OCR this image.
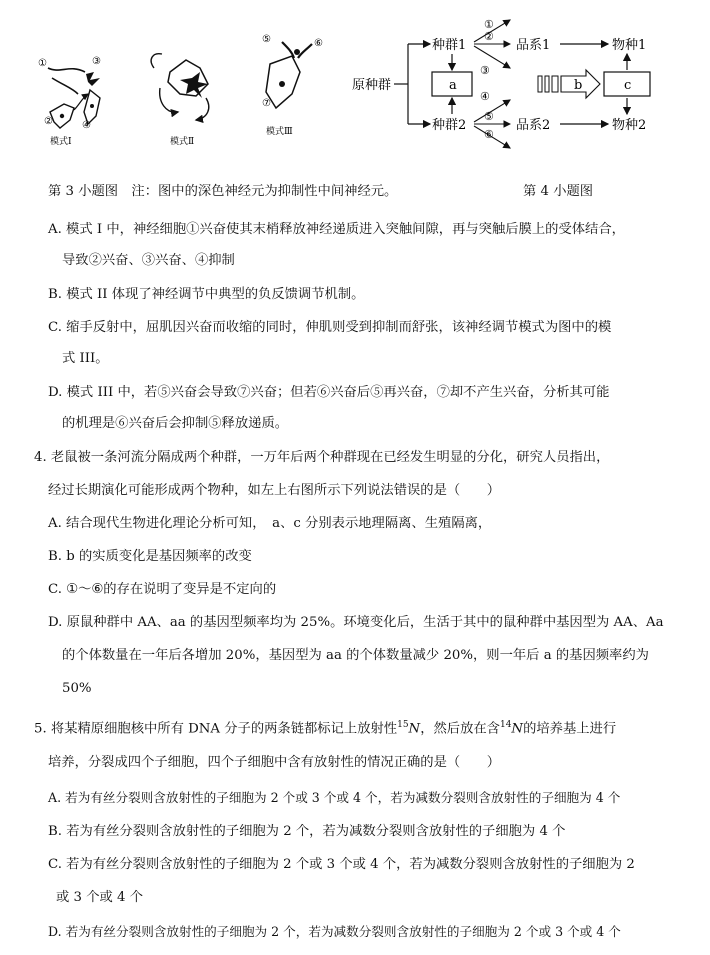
①	③
②	④
模式Ⅰ	模式Ⅱ
⑤	⑥
⑦
模式Ⅲ
原种群
种群1
种群2
a
①
②
③
④
⑤
⑥
品系1
品系2
物种1
物种2
b	c
第 3 小题图　注：图中的深色神经元为抑制性中间神经元。	第 4 小题图
A. 模式 I 中，神经细胞①兴奋使其末梢释放神经递质进入突触间隙，再与突触后膜上的受体结合，
导致②兴奋、③兴奋、④抑制
B. 模式 II 体现了神经调节中典型的负反馈调节机制。
C. 缩手反射中，屈肌因兴奋而收缩的同时，伸肌则受到抑制而舒张，该神经调节模式为图中的模
式 III。
D. 模式 III 中，若⑤兴奋会导致⑦兴奋；但若⑥兴奋后⑤再兴奋，⑦却不产生兴奋，分析其可能
的机理是⑥兴奋后会抑制⑤释放递质。
4. 老鼠被一条河流分隔成两个种群，一万年后两个种群现在已经发生明显的分化，研究人员指出，
经过长期演化可能形成两个物种，如左上右图所示下列说法错误的是（　　）
A. 结合现代生物进化理论分析可知，　a、c 分别表示地理隔离、生殖隔离，
B. b 的实质变化是基因频率的改变
C. ①～⑥的存在说明了变异是不定向的
D. 原鼠种群中 AA、aa 的基因型频率均为 25%。环境变化后，生活于其中的鼠种群中基因型为 AA、Aa
的个体数量在一年后各增加 20%，基因型为 aa 的个体数量减少 20%，则一年后 a 的基因频率约为
50%
5. 将某精原细胞核中所有 DNA 分子的两条链都标记上放射性$^{15}$N，然后放在含$^{14}$N的培养基上进行
培养，分裂成四个子细胞，四个子细胞中含有放射性的情况正确的是（　　）
A. 若为有丝分裂则含放射性的子细胞为 2 个或 3 个或 4 个，若为减数分裂则含放射性的子细胞为 4 个
B. 若为有丝分裂则含放射性的子细胞为 2 个，若为减数分裂则含放射性的子细胞为 4 个
C. 若为有丝分裂则含放射性的子细胞为 2 个或 3 个或 4 个，若为减数分裂则含放射性的子细胞为 2
或 3 个或 4 个
D. 若为有丝分裂则含放射性的子细胞为 2 个，若为减数分裂则含放射性的子细胞为 2 个或 3 个或 4 个
